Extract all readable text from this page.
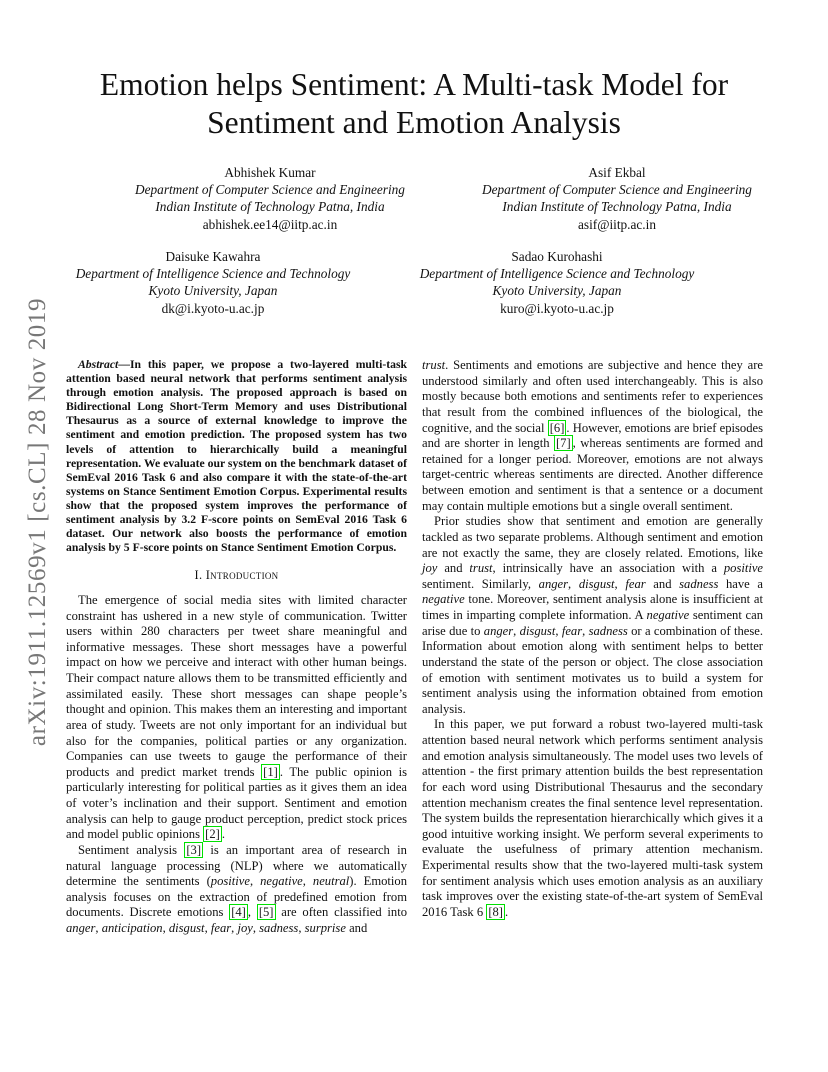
arXiv:1911.12569v1 [cs.CL] 28 Nov 2019
Emotion helps Sentiment: A Multi-task Model for
Sentiment and Emotion Analysis
Abhishek Kumar
Department of Computer Science and Engineering
Indian Institute of Technology Patna, India
abhishek.ee14@iitp.ac.in
Asif Ekbal
Department of Computer Science and Engineering
Indian Institute of Technology Patna, India
asif@iitp.ac.in
Daisuke Kawahra
Department of Intelligence Science and Technology
Kyoto University, Japan
dk@i.kyoto-u.ac.jp
Sadao Kurohashi
Department of Intelligence Science and Technology
Kyoto University, Japan
kuro@i.kyoto-u.ac.jp

Abstract—In this paper, we propose a two-layered multi-task attention based neural network that performs sentiment analysis through emotion analysis. The proposed approach is based on Bidirectional Long Short-Term Memory and uses Distributional Thesaurus as a source of external knowledge to improve the sentiment and emotion prediction. The proposed system has two levels of attention to hierarchically build a meaningful representation. We evaluate our system on the benchmark dataset of SemEval 2016 Task 6 and also compare it with the state-of-the-art systems on Stance Sentiment Emotion Corpus. Experimental results show that the proposed system improves the performance of sentiment analysis by 3.2 F-score points on SemEval 2016 Task 6 dataset. Our network also boosts the performance of emotion analysis by 5 F-score points on Stance Sentiment Emotion Corpus.

I. Introduction

The emergence of social media sites with limited character constraint has ushered in a new style of communication. Twitter users within 280 characters per tweet share meaningful and informative messages. These short messages have a powerful impact on how we perceive and interact with other human beings. Their compact nature allows them to be transmitted efficiently and assimilated easily. These short messages can shape people’s thought and opinion. This makes them an interesting and important area of study. Tweets are not only important for an individual but also for the companies, political parties or any organization. Companies can use tweets to gauge the performance of their products and predict market trends [1] . The public opinion is particularly interesting for political parties as it gives them an idea of voter’s inclination and their support. Sentiment and emotion analysis can help to gauge product perception, predict stock prices and model public opinions [2] .

Sentiment analysis [3] is an important area of research in natural language processing (NLP) where we automatically determine the sentiments (positive, negative, neutral). Emotion analysis focuses on the extraction of predefined emotion from documents. Discrete emotions [4] , [5] are often classified into anger, anticipation, disgust, fear, joy, sadness, surprise and

trust. Sentiments and emotions are subjective and hence they are understood similarly and often used interchangeably. This is also mostly because both emotions and sentiments refer to experiences that result from the combined influences of the biological, the cognitive, and the social [6] . However, emotions are brief episodes and are shorter in length [7] , whereas sentiments are formed and retained for a longer period. Moreover, emotions are not always target-centric whereas sentiments are directed. Another difference between emotion and sentiment is that a sentence or a document may contain multiple emotions but a single overall sentiment.

Prior studies show that sentiment and emotion are generally tackled as two separate problems. Although sentiment and emotion are not exactly the same, they are closely related. Emotions, like joy and trust, intrinsically have an association with a positive sentiment. Similarly, anger, disgust, fear and sadness have a negative tone. Moreover, sentiment analysis alone is insufficient at times in imparting complete information. A negative sentiment can arise due to anger, disgust, fear, sadness or a combination of these. Information about emotion along with sentiment helps to better understand the state of the person or object. The close association of emotion with sentiment motivates us to build a system for sentiment analysis using the information obtained from emotion analysis.

In this paper, we put forward a robust two-layered multi-task attention based neural network which performs sentiment analysis and emotion analysis simultaneously. The model uses two levels of attention - the first primary attention builds the best representation for each word using Distributional Thesaurus and the secondary attention mechanism creates the final sentence level representation. The system builds the representation hierarchically which gives it a good intuitive working insight. We perform several experiments to evaluate the usefulness of primary attention mechanism. Experimental results show that the two-layered multi-task system for sentiment analysis which uses emotion analysis as an auxiliary task improves over the existing state-of-the-art system of SemEval 2016 Task 6 [8] .
